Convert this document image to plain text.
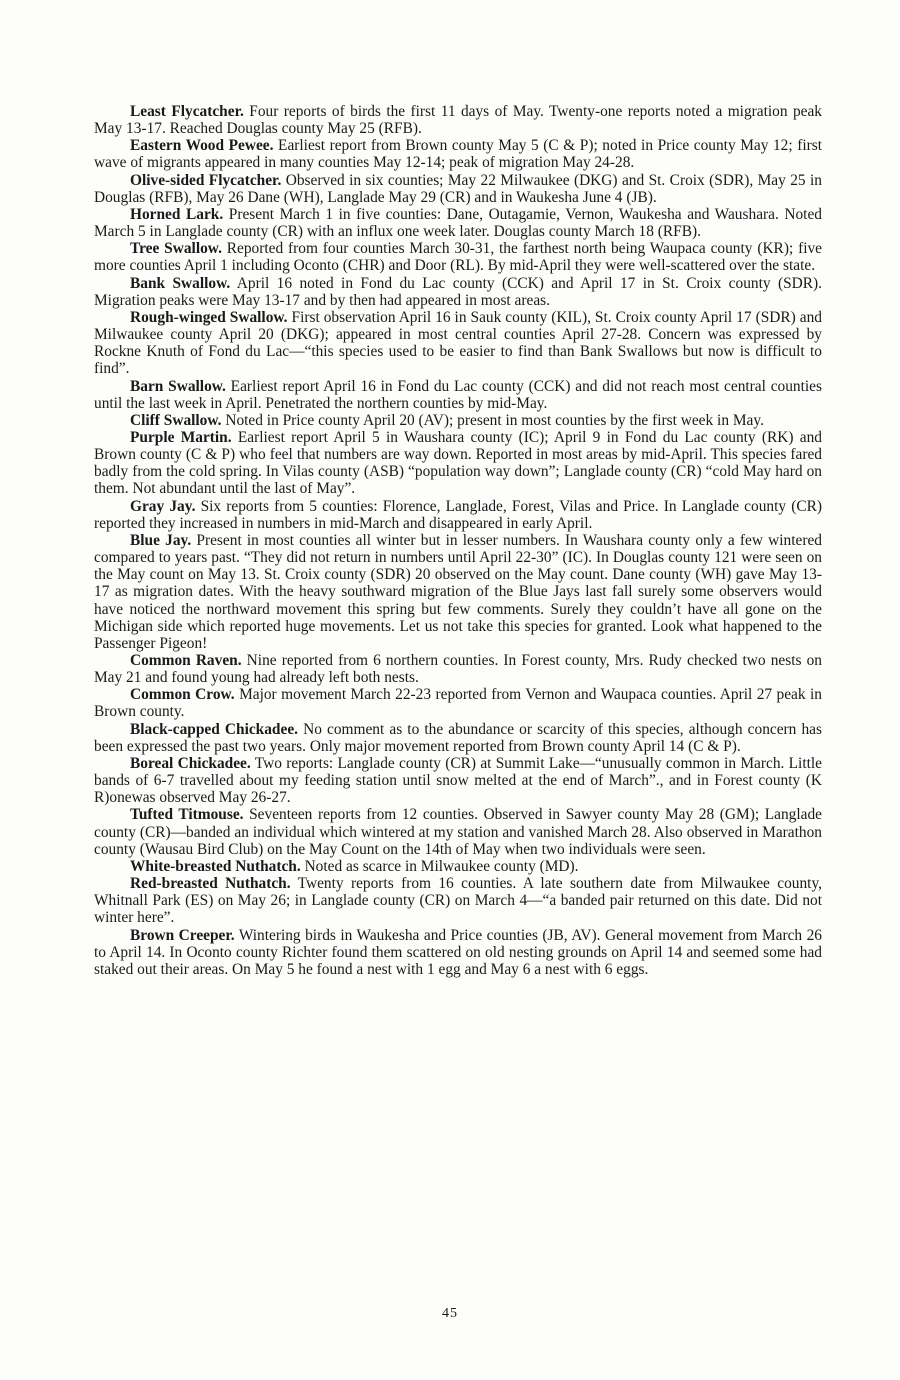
Least Flycatcher. Four reports of birds the first 11 days of May. Twenty-one reports noted a migration peak May 13-17. Reached Douglas county May 25 (RFB).

Eastern Wood Pewee. Earliest report from Brown county May 5 (C & P); noted in Price county May 12; first wave of migrants appeared in many counties May 12-14; peak of migration May 24-28.

Olive-sided Flycatcher. Observed in six counties; May 22 Milwaukee (DKG) and St. Croix (SDR), May 25 in Douglas (RFB), May 26 Dane (WH), Langlade May 29 (CR) and in Waukesha June 4 (JB).

Horned Lark. Present March 1 in five counties: Dane, Outagamie, Vernon, Waukesha and Waushara. Noted March 5 in Langlade county (CR) with an influx one week later. Douglas county March 18 (RFB).

Tree Swallow. Reported from four counties March 30-31, the farthest north being Waupaca county (KR); five more counties April 1 including Oconto (CHR) and Door (RL). By mid-April they were well-scattered over the state.

Bank Swallow. April 16 noted in Fond du Lac county (CCK) and April 17 in St. Croix county (SDR). Migration peaks were May 13-17 and by then had appeared in most areas.

Rough-winged Swallow. First observation April 16 in Sauk county (KIL), St. Croix county April 17 (SDR) and Milwaukee county April 20 (DKG); appeared in most central counties April 27-28. Concern was expressed by Rockne Knuth of Fond du Lac—“this species used to be easier to find than Bank Swallows but now is difficult to find”.

Barn Swallow. Earliest report April 16 in Fond du Lac county (CCK) and did not reach most central counties until the last week in April. Penetrated the northern counties by mid-May.

Cliff Swallow. Noted in Price county April 20 (AV); present in most counties by the first week in May.

Purple Martin. Earliest report April 5 in Waushara county (IC); April 9 in Fond du Lac county (RK) and Brown county (C & P) who feel that numbers are way down. Reported in most areas by mid-April. This species fared badly from the cold spring. In Vilas county (ASB) “population way down”; Langlade county (CR) “cold May hard on them. Not abundant until the last of May”.

Gray Jay. Six reports from 5 counties: Florence, Langlade, Forest, Vilas and Price. In Langlade county (CR) reported they increased in numbers in mid-March and disappeared in early April.

Blue Jay. Present in most counties all winter but in lesser numbers. In Waushara county only a few wintered compared to years past. “They did not return in numbers until April 22-30” (IC). In Douglas county 121 were seen on the May count on May 13. St. Croix county (SDR) 20 observed on the May count. Dane county (WH) gave May 13-17 as migration dates. With the heavy southward migration of the Blue Jays last fall surely some observers would have noticed the northward movement this spring but few comments. Surely they couldn’t have all gone on the Michigan side which reported huge movements. Let us not take this species for granted. Look what happened to the Passenger Pigeon!

Common Raven. Nine reported from 6 northern counties. In Forest county, Mrs. Rudy checked two nests on May 21 and found young had already left both nests.

Common Crow. Major movement March 22-23 reported from Vernon and Waupaca counties. April 27 peak in Brown county.

Black-capped Chickadee. No comment as to the abundance or scarcity of this species, although concern has been expressed the past two years. Only major movement reported from Brown county April 14 (C & P).

Boreal Chickadee. Two reports: Langlade county (CR) at Summit Lake—“unusually common in March. Little bands of 6-7 travelled about my feeding station until snow melted at the end of March”., and in Forest county (K R)onewas observed May 26-27.

Tufted Titmouse. Seventeen reports from 12 counties. Observed in Sawyer county May 28 (GM); Langlade county (CR)—banded an individual which wintered at my station and vanished March 28. Also observed in Marathon county (Wausau Bird Club) on the May Count on the 14th of May when two individuals were seen.

White-breasted Nuthatch. Noted as scarce in Milwaukee county (MD).

Red-breasted Nuthatch. Twenty reports from 16 counties. A late southern date from Milwaukee county, Whitnall Park (ES) on May 26; in Langlade county (CR) on March 4—“a banded pair returned on this date. Did not winter here”.

Brown Creeper. Wintering birds in Waukesha and Price counties (JB, AV). General movement from March 26 to April 14. In Oconto county Richter found them scattered on old nesting grounds on April 14 and seemed some had staked out their areas. On May 5 he found a nest with 1 egg and May 6 a nest with 6 eggs.

45
